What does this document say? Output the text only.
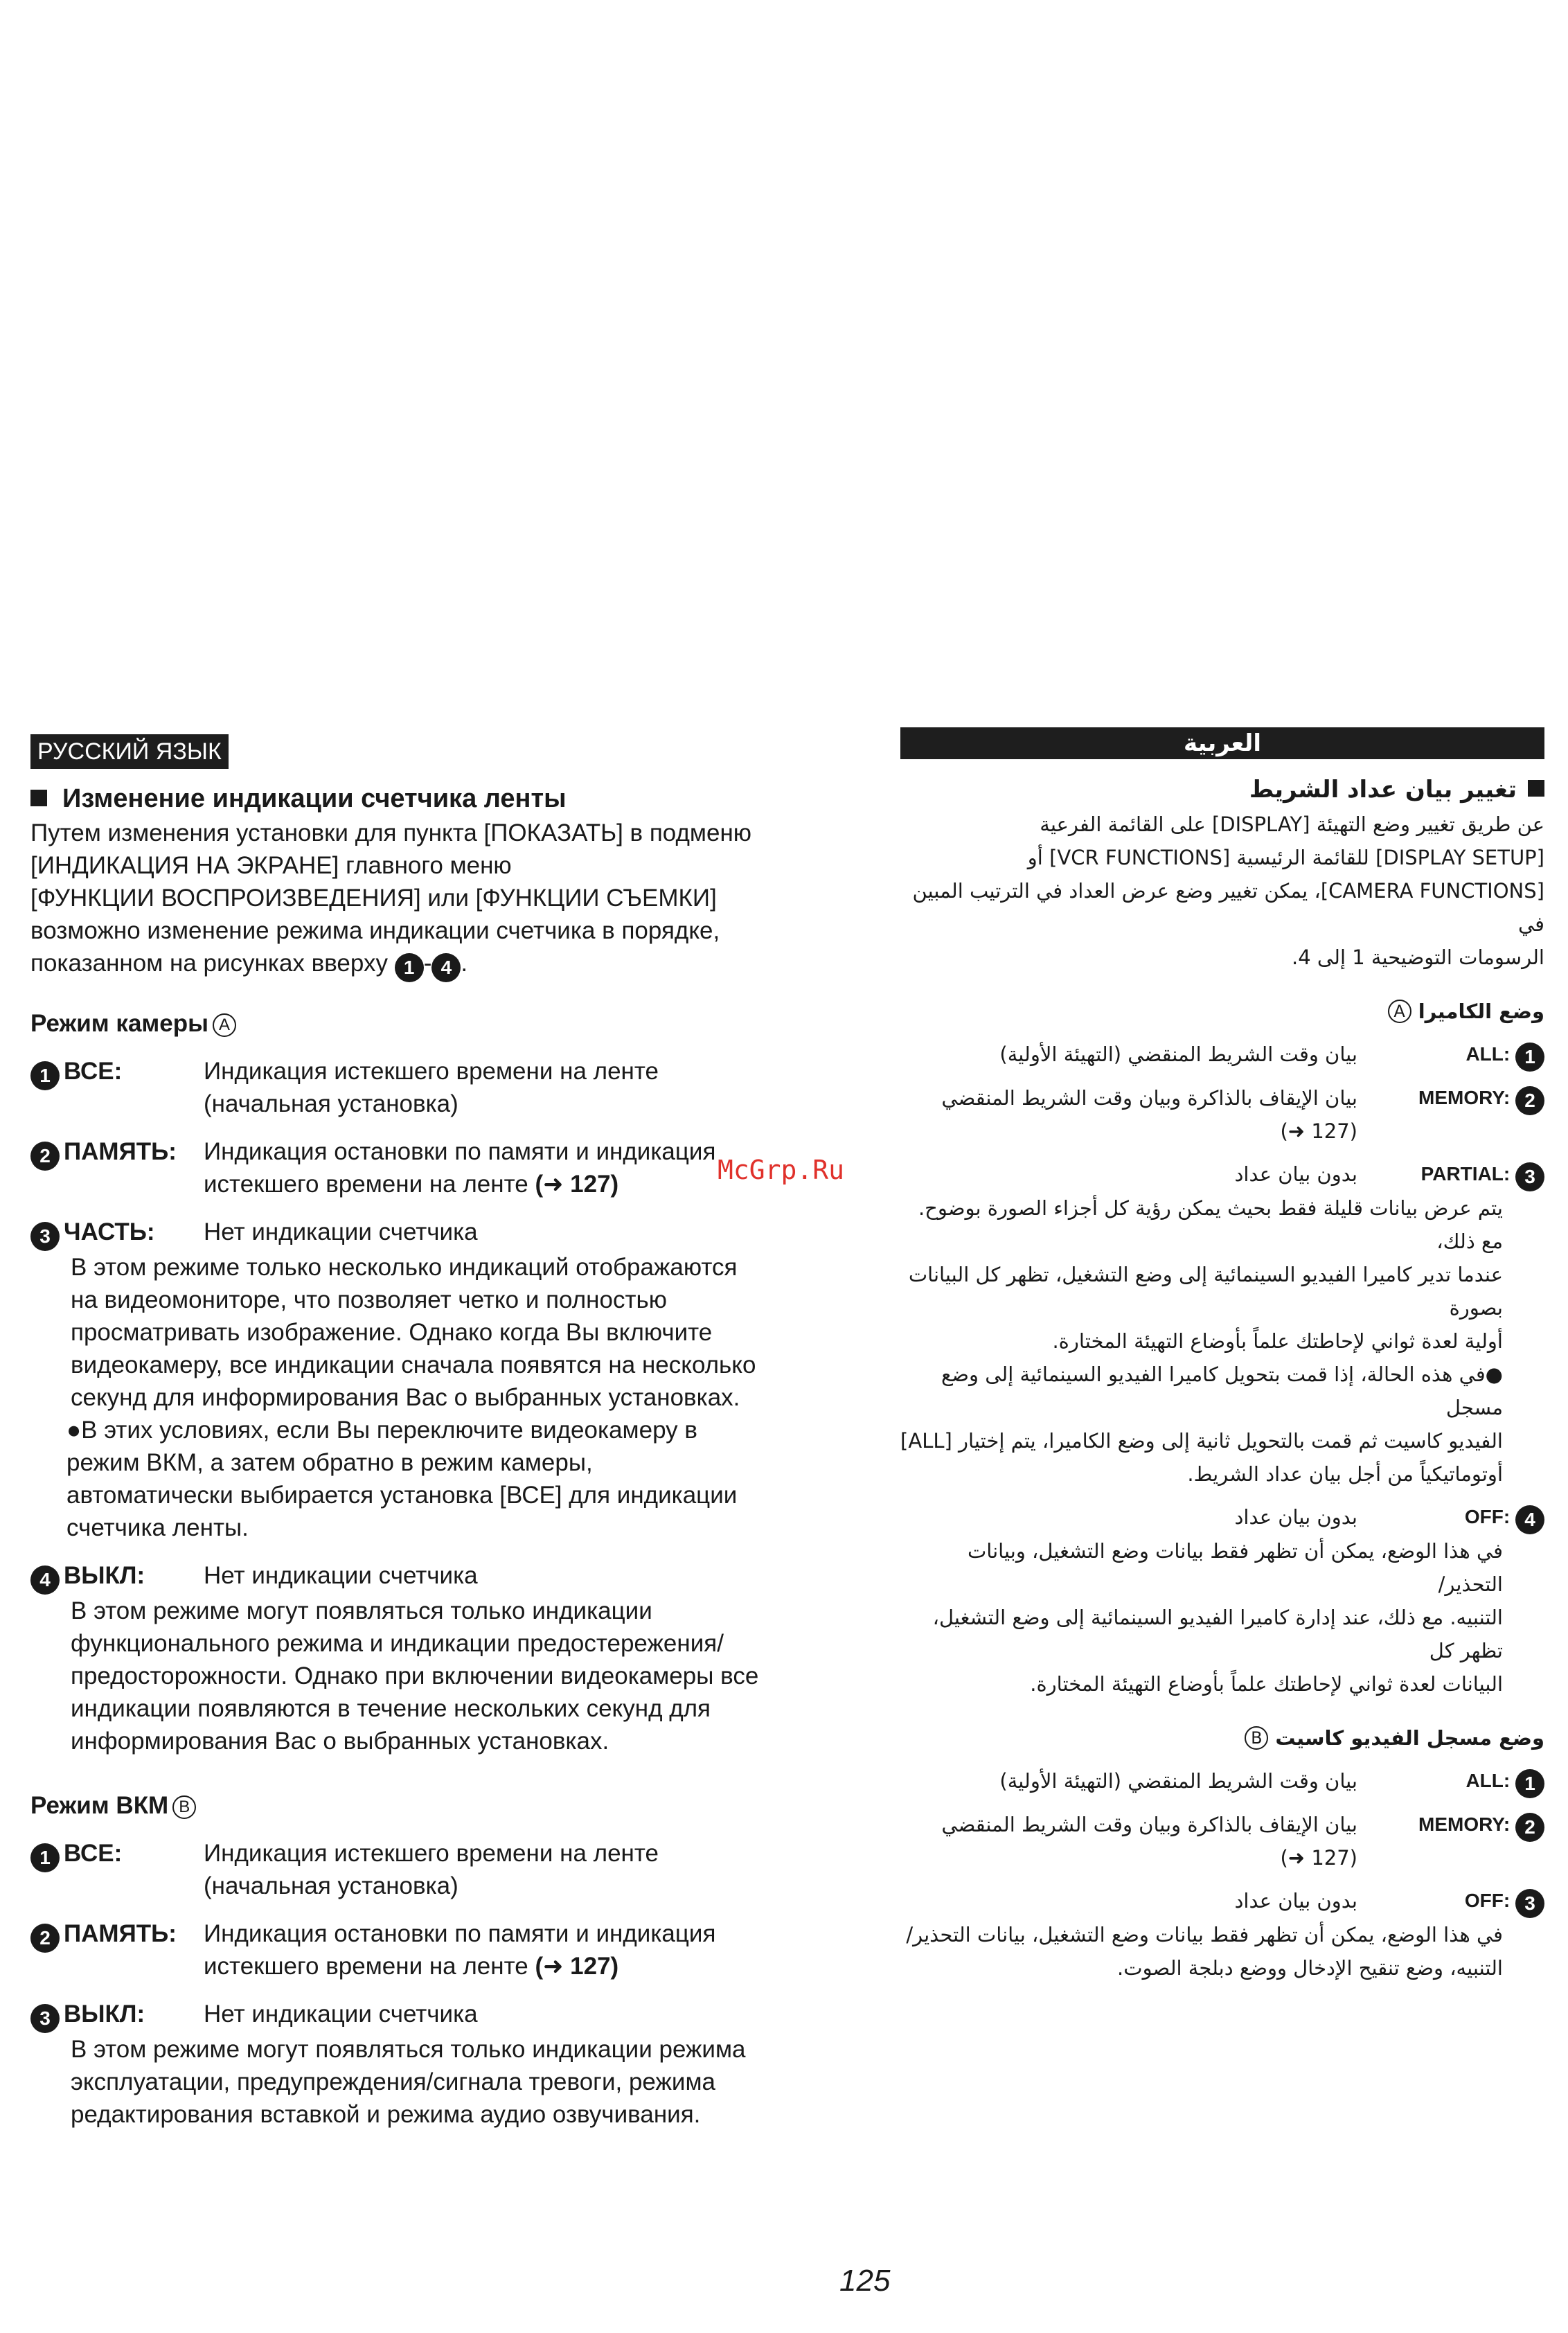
РУССКИЙ ЯЗЫК
Изменение индикации счетчика ленты

Путем изменения установки для пункта [ПОКАЗАТЬ] в подменю

[ИНДИКАЦИЯ НА ЭКРАНЕ] главного меню

[ФУНКЦИИ ВОСПРОИЗВЕДЕНИЯ] или [ФУНКЦИИ СЪЕМКИ]

возможно изменение режима индикации счетчика в порядке,

показанном на рисунках вверху 1 - 4 .

Режим камеры A
1 ВСЕ:	Индикация истекшего времени на ленте

(начальная установка)

2 ПАМЯТЬ:	Индикация остановки по памяти и индикация

истекшего времени на ленте (➜ 127)

3 ЧАСТЬ:	Нет индикации счетчика

В этом режиме только несколько индикаций отображаются

на видеомониторе, что позволяет четко и полностью

просматривать изображение. Однако когда Вы включите

видеокамеру, все индикации сначала появятся на несколько

секунд для информирования Вас о выбранных установках.

●В этих условиях, если Вы переключите видеокамеру в

режим ВКМ, а затем обратно в режим камеры,

автоматически выбирается установка [ВСЕ] для индикации

счетчика ленты.

4 ВЫКЛ:	Нет индикации счетчика

В этом режиме могут появляться только индикации

функционального режима и индикации предостережения/

предосторожности. Однако при включении видеокамеры все

индикации появляются в течение нескольких секунд для

информирования Вас о выбранных установках.

Режим ВКМ B
1 ВСЕ:	Индикация истекшего времени на ленте

(начальная установка)

2 ПАМЯТЬ:	Индикация остановки по памяти и индикация

истекшего времени на ленте (➜ 127)

3 ВЫКЛ:	Нет индикации счетчика

В этом режиме могут появляться только индикации режима

эксплуатации, предупреждения/сигнала тревоги, режима

редактирования вставкой и режима аудио озвучивания.

العربية
تغيير بيان عداد الشريط

عن طريق تغيير وضع التهيئة [DISPLAY] على القائمة الفرعية

[DISPLAY SETUP] للقائمة الرئيسية [VCR FUNCTIONS] أو

[CAMERA FUNCTIONS]، يمكن تغيير وضع عرض العداد في الترتيب المبين في

الرسومات التوضيحية 1 إلى 4.

وضع الكاميرا A
ALL: 1
بيان وقت الشريط المنقضي (التهيئة الأولية)
MEMORY: 2
بيان الإيقاف بالذاكرة وبيان وقت الشريط المنقضي (127 ➜)
PARTIAL: 3
بدون بيان عداد

يتم عرض بيانات قليلة فقط بحيث يمكن رؤية كل أجزاء الصورة بوضوح. مع ذلك،

عندما تدير كاميرا الفيديو السينمائية إلى وضع التشغيل، تظهر كل البيانات بصورة

أولية لعدة ثواني لإحاطتك علماً بأوضاع التهيئة المختارة.

●في هذه الحالة، إذا قمت بتحويل كاميرا الفيديو السينمائية إلى وضع مسجل

الفيديو كاسيت ثم قمت بالتحويل ثانية إلى وضع الكاميرا، يتم إختيار [ALL]

أوتوماتيكياً من أجل بيان عداد الشريط.

OFF: 4
بدون بيان عداد

في هذا الوضع، يمكن أن تظهر فقط بيانات وضع التشغيل، وبيانات التحذير/

التنبيه. مع ذلك، عند إدارة كاميرا الفيديو السينمائية إلى وضع التشغيل، تظهر كل

البيانات لعدة ثواني لإحاطتك علماً بأوضاع التهيئة المختارة.

وضع مسجل الفيديو كاسيت B
ALL: 1
بيان وقت الشريط المنقضي (التهيئة الأولية)
MEMORY: 2
بيان الإيقاف بالذاكرة وبيان وقت الشريط المنقضي (127 ➜)
OFF: 3
بدون بيان عداد

في هذا الوضع، يمكن أن تظهر فقط بيانات وضع التشغيل، بيانات التحذير/

التنبيه، وضع تنقيح الإدخال ووضع دبلجة الصوت.

McGrp.Ru
125
